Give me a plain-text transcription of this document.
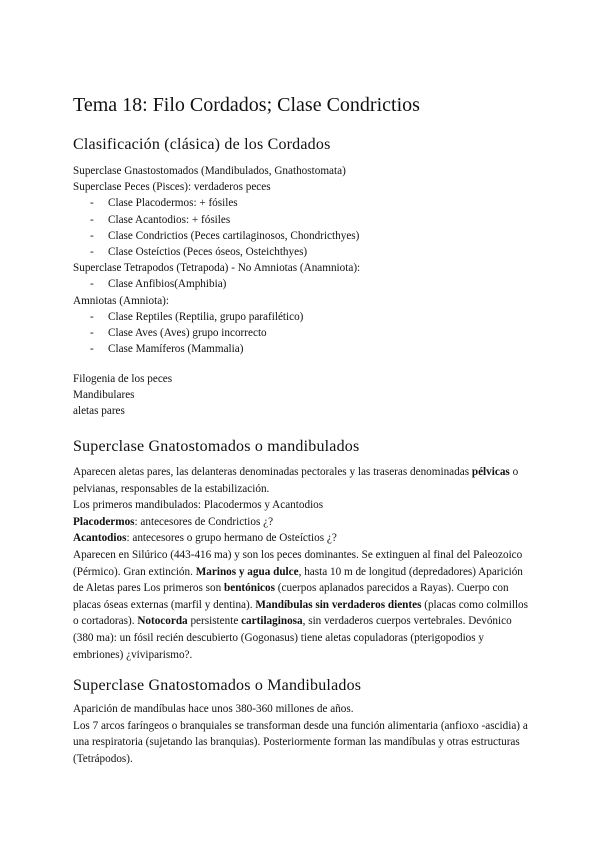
Tema 18: Filo Cordados; Clase Condrictios
Clasificación (clásica) de los Cordados
Superclase Gnastostomados (Mandibulados, Gnathostomata)
Superclase Peces (Pisces): verdaderos peces
- Clase Placodermos: + fósiles
- Clase Acantodios: + fósiles
- Clase Condrictios (Peces cartilaginosos, Chondricthyes)
- Clase Osteíctios (Peces óseos, Osteichthyes)
Superclase Tetrapodos (Tetrapoda) - No Amniotas (Anamniota):
- Clase Anfibios(Amphibia)
Amniotas (Amniota):
- Clase Reptiles (Reptilia, grupo parafilético)
- Clase Aves (Aves) grupo incorrecto
- Clase Mamíferos (Mammalia)
Filogenia de los peces
Mandibulares
aletas pares
Superclase Gnatostomados o mandibulados

Aparecen aletas pares, las delanteras denominadas pectorales y las traseras denominadas pélvicas o pelvianas, responsables de la estabilización.

Los primeros mandibulados: Placodermos y Acantodios

Placodermos: antecesores de Condrictios ¿?

Acantodios: antecesores o grupo hermano de Osteíctios ¿?

Aparecen en Silúrico (443-416 ma) y son los peces dominantes. Se extinguen al final del Paleozoico (Pérmico). Gran extinción. Marinos y agua dulce, hasta 10 m de longitud (depredadores) Aparición de Aletas pares Los primeros son bentónicos (cuerpos aplanados parecidos a Rayas). Cuerpo con placas óseas externas (marfil y dentina). Mandíbulas sin verdaderos dientes (placas como colmillos o cortadoras). Notocorda persistente cartilaginosa, sin verdaderos cuerpos vertebrales. Devónico (380 ma): un fósil recién descubierto (Gogonasus) tiene aletas copuladoras (pterigopodios y embriones) ¿viviparismo?.

Superclase Gnatostomados o Mandibulados

Aparición de mandíbulas hace unos 380-360 millones de años.

Los 7 arcos faríngeos o branquiales se transforman desde una función alimentaria (anfioxo -ascidia) a una respiratoria (sujetando las branquias). Posteriormente forman las mandíbulas y otras estructuras (Tetrápodos).
